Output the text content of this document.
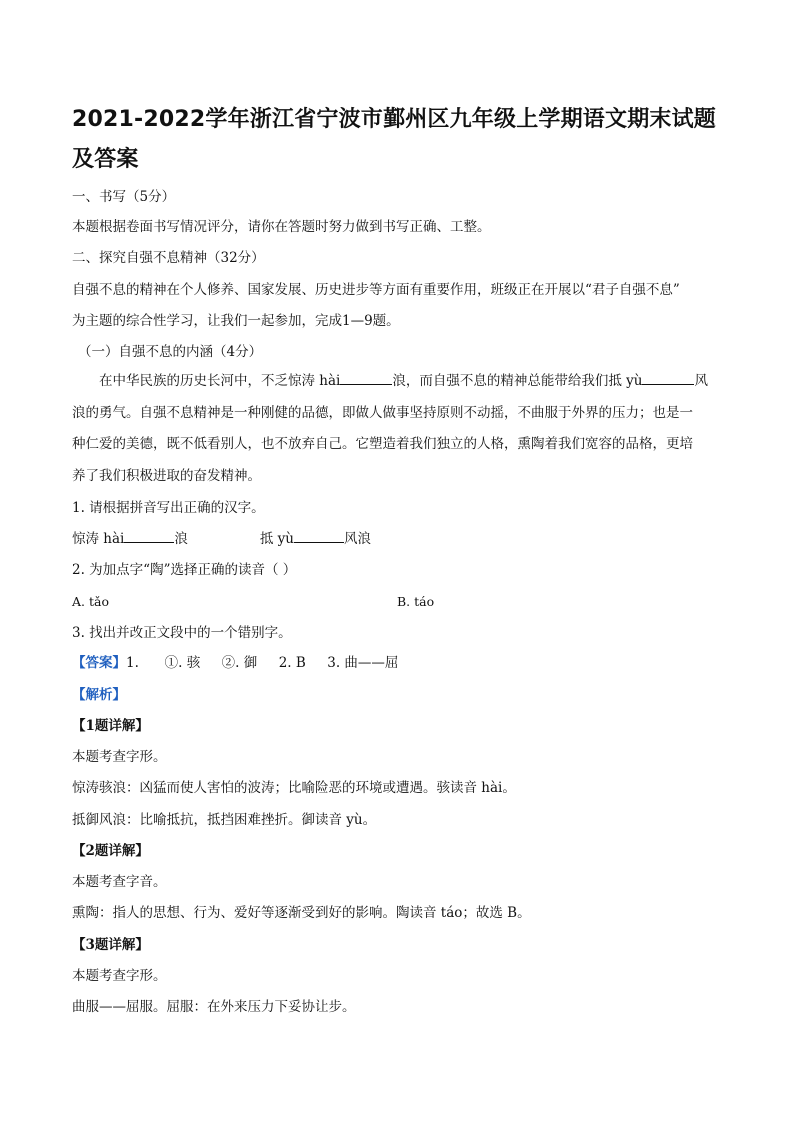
2021-2022学年浙江省宁波市鄞州区九年级上学期语文期末试题及答案
一、书写（5分）
本题根据卷面书写情况评分，请你在答题时努力做到书写正确、工整。
二、探究自强不息精神（32分）
自强不息的精神在个人修养、国家发展、历史进步等方面有重要作用，班级正在开展以“君子自强不息”
为主题的综合性学习，让我们一起参加，完成1—9题。
（一）自强不息的内涵（4分）
在中华民族的历史长河中，不乏惊涛 hài	浪，而自强不息的精神总能带给我们抵 yù	风
浪的勇气。自强不息精神是一种刚健的品德，即做人做事坚持原则不动摇，不曲服于外界的压力；也是一
种仁爱的美德，既不低看别人，也不放弃自己。它塑造着我们独立的人格，熏陶着我们宽容的品格，更培
养了我们积极进取的奋发精神。
1. 请根据拼音写出正确的汉字。
惊涛 hài	浪	抵 yù	风浪
2. 为加点字“陶”选择正确的读音（ ）
A. tǎo	B. táo
3. 找出并改正文段中的一个错别字。
【答案】1.      ①. 骇     ②. 御     2. B     3. 曲——屈
【解析】
【1题详解】
本题考查字形。
惊涛骇浪：凶猛而使人害怕的波涛；比喻险恶的环境或遭遇。骇读音 hài。
抵御风浪：比喻抵抗，抵挡困难挫折。御读音 yù。
【2题详解】
本题考查字音。
熏陶：指人的思想、行为、爱好等逐渐受到好的影响。陶读音 táo；故选 B。
【3题详解】
本题考查字形。
曲服——屈服。屈服：在外来压力下妥协让步。
